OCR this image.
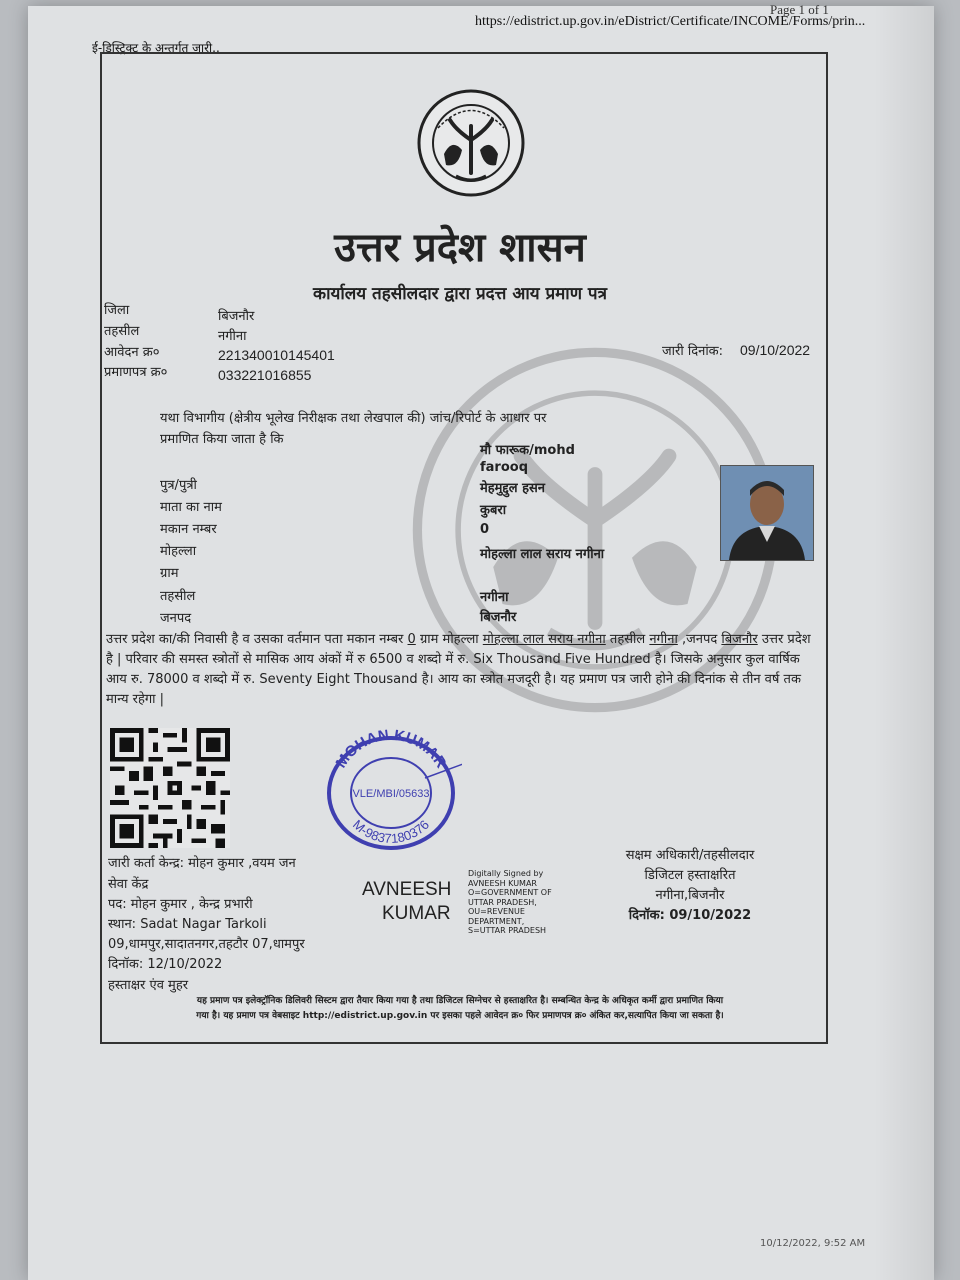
Page 1 of 1
https://edistrict.up.gov.in/eDistrict/Certificate/INCOME/Forms/prin...
ई-डिस्ट्रिक्ट के अन्तर्गत जारी..
उत्तर प्रदेश शासन
कार्यालय तहसीलदार द्वारा प्रदत्त आय प्रमाण पत्र
जिला	बिजनौर
तहसील	नगीना
आवेदन क्र०	221340010145401
प्रमाणपत्र क्र०	033221016855
जारी दिनांक: 09/10/2022
यथा विभागीय (क्षेत्रीय भूलेख निरीक्षक तथा लेखपाल की) जांच/रिपोर्ट के आधार पर
प्रमाणित किया जाता है कि
मौ फारूक/mohd
farooq
पुत्र/पुत्री	मेहमुद्दुल हसन
माता का नाम	कुबरा
मकान नम्बर	0
मोहल्ला	मोहल्ला लाल सराय नगीना
ग्राम
तहसील	नगीना
जनपद	बिजनौर
उत्तर प्रदेश का/की निवासी है व उसका वर्तमान पता मकान नम्बर 0 ग्राम मोहल्ला मोहल्ला लाल सराय नगीना तहसील नगीना ,जनपद बिजनौर उत्तर प्रदेश है | परिवार की समस्त स्त्रोतों से मासिक आय अंकों में रु 6500 व शब्दो में रु. Six Thousand Five Hundred है। जिसके अनुसार कुल वार्षिक आय रु. 78000 व शब्दो में रु. Seventy Eight Thousand है। आय का स्त्रोत मजदूरी है। यह प्रमाण पत्र जारी होने की दिनांक से तीन वर्ष तक मान्य रहेगा |
MOHAN KUMAR
VLE/MBI/05633
M-9837180376
जारी कर्ता केन्द्र: मोहन कुमार ,वयम जन
सेवा केंद्र
पद: मोहन कुमार , केन्द्र प्रभारी
स्थान: Sadat Nagar Tarkoli
09,धामपुर,सादातनगर,तहटौर 07,धामपुर
दिनॉक: 12/10/2022
हस्ताक्षर एंव मुहर
AVNEESH
KUMAR
Digitally Signed by
AVNEESH KUMAR
O=GOVERNMENT OF
UTTAR PRADESH,
OU=REVENUE
DEPARTMENT,
S=UTTAR PRADESH
सक्षम अधिकारी/तहसीलदार
डिजिटल हस्ताक्षरित
नगीना,बिजनौर
दिनॉक: 09/10/2022
यह प्रमाण पत्र इलेक्ट्रॉनिक डिलिवरी सिस्टम द्वारा तैयार किया गया है तथा डिजिटल सिग्नेचर से हस्ताक्षरित है। सम्बन्धित केन्द्र के अधिकृत कर्मी द्वारा प्रमाणित किया
गया है। यह प्रमाण पत्र वेबसाइट http://edistrict.up.gov.in पर इसका पहले आवेदन क्र० फिर प्रमाणपत्र क्र० अंकित कर,सत्यापित किया जा सकता है।
10/12/2022, 9:52 AM
